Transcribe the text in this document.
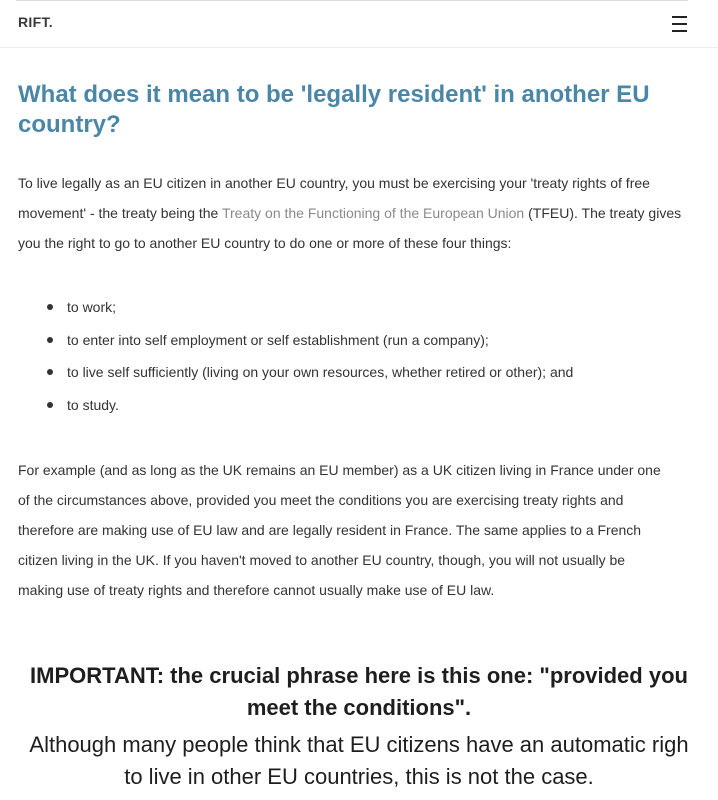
RIFT.
What does it mean to be 'legally resident' in another EU country?

To live legally as an EU citizen in another EU country, you must be exercising your 'treaty rights of free movement' - the treaty being the Treaty on the Functioning of the European Union (TFEU). The treaty gives you the right to go to another EU country to do one or more of these four things:

to work;
to enter into self employment or self establishment (run a company);
to live self sufficiently (living on your own resources, whether retired or other); and
to study.
For example (and as long as the UK remains an EU member) as a UK citizen living in France under one
of the circumstances above, provided you meet the conditions you are exercising treaty rights and
therefore are making use of EU law and are legally resident in France. The same applies to a French
citizen living in the UK. If you haven't moved to another EU country, though, you will not usually be
making use of treaty rights and therefore cannot usually make use of EU law.
IMPORTANT: the crucial phrase here is this one: "provided you
meet the conditions".
Although many people think that EU citizens have an automatic righ
to live in other EU countries, this is not the case.
